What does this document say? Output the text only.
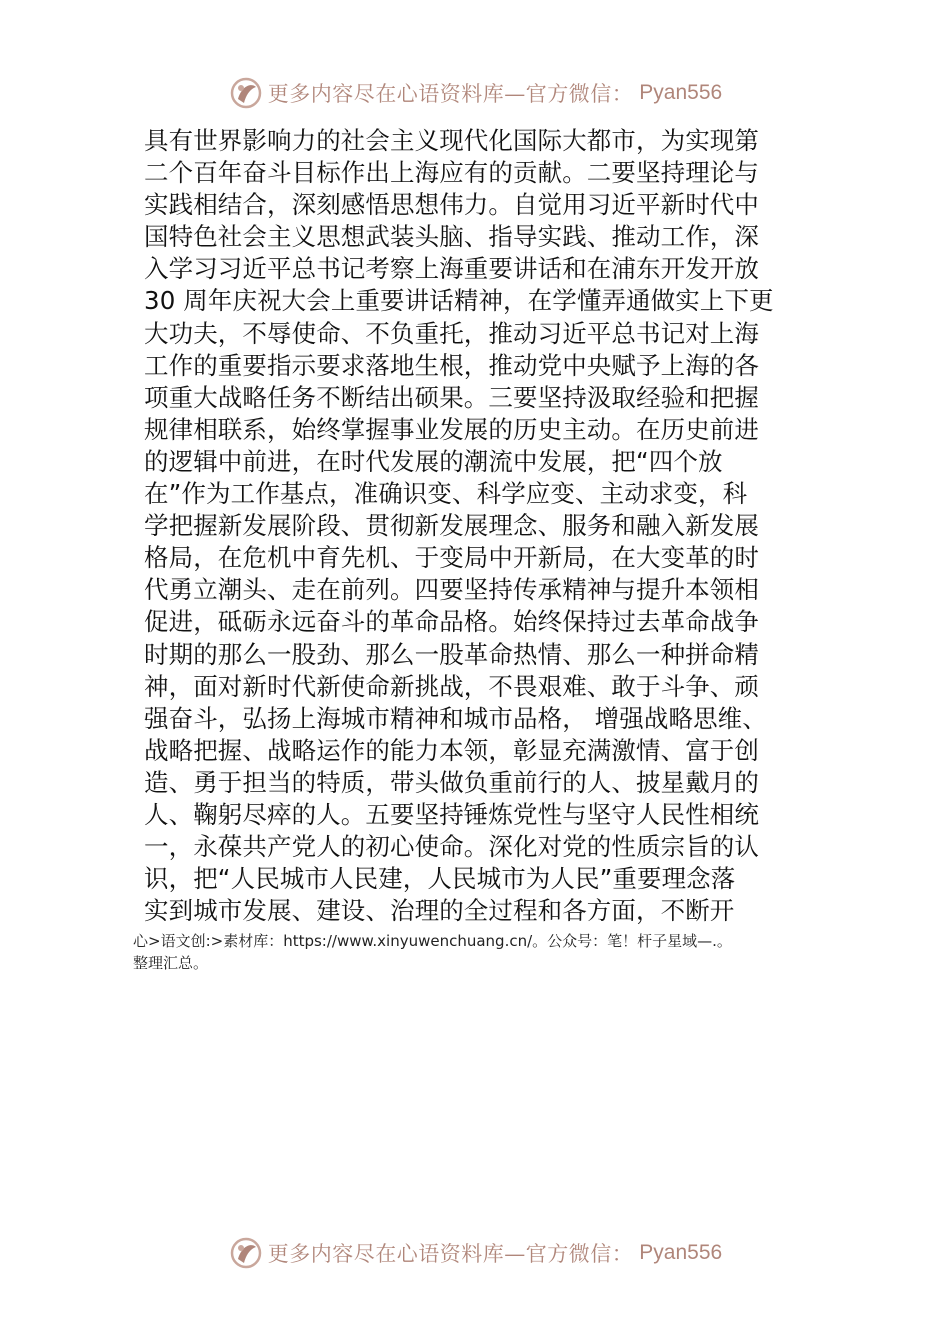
更多内容尽在心语资料库—官方微信： Pyan556
具有世界影响力的社会主义现代化国际大都市，为实现第
二个百年奋斗目标作出上海应有的贡献。二要坚持理论与
实践相结合，深刻感悟思想伟力。自觉用习近平新时代中
国特色社会主义思想武装头脑、指导实践、推动工作，深
入学习习近平总书记考察上海重要讲话和在浦东开发开放
30 周年庆祝大会上重要讲话精神，在学懂弄通做实上下更
大功夫，不辱使命、不负重托，推动习近平总书记对上海
工作的重要指示要求落地生根，推动党中央赋予上海的各
项重大战略任务不断结出硕果。三要坚持汲取经验和把握
规律相联系，始终掌握事业发展的历史主动。在历史前进
的逻辑中前进，在时代发展的潮流中发展，把“四个放
在”作为工作基点，准确识变、科学应变、主动求变，科
学把握新发展阶段、贯彻新发展理念、服务和融入新发展
格局，在危机中育先机、于变局中开新局，在大变革的时
代勇立潮头、走在前列。四要坚持传承精神与提升本领相
促进，砥砺永远奋斗的革命品格。始终保持过去革命战争
时期的那么一股劲、那么一股革命热情、那么一种拼命精
神，面对新时代新使命新挑战，不畏艰难、敢于斗争、顽
强奋斗，弘扬上海城市精神和城市品格， 增强战略思维、
战略把握、战略运作的能力本领，彰显充满激情、富于创
造、勇于担当的特质，带头做负重前行的人、披星戴月的
人、鞠躬尽瘁的人。五要坚持锤炼党性与坚守人民性相统
一，永葆共产党人的初心使命。深化对党的性质宗旨的认
识，把“人民城市人民建，人民城市为人民”重要理念落
实到城市发展、建设、治理的全过程和各方面，不断开
心>语文创:>素材库：https://www.xinyuwenchuang.cn/。公众号：笔！杆子星域—.。
整理汇总。
更多内容尽在心语资料库—官方微信： Pyan556
